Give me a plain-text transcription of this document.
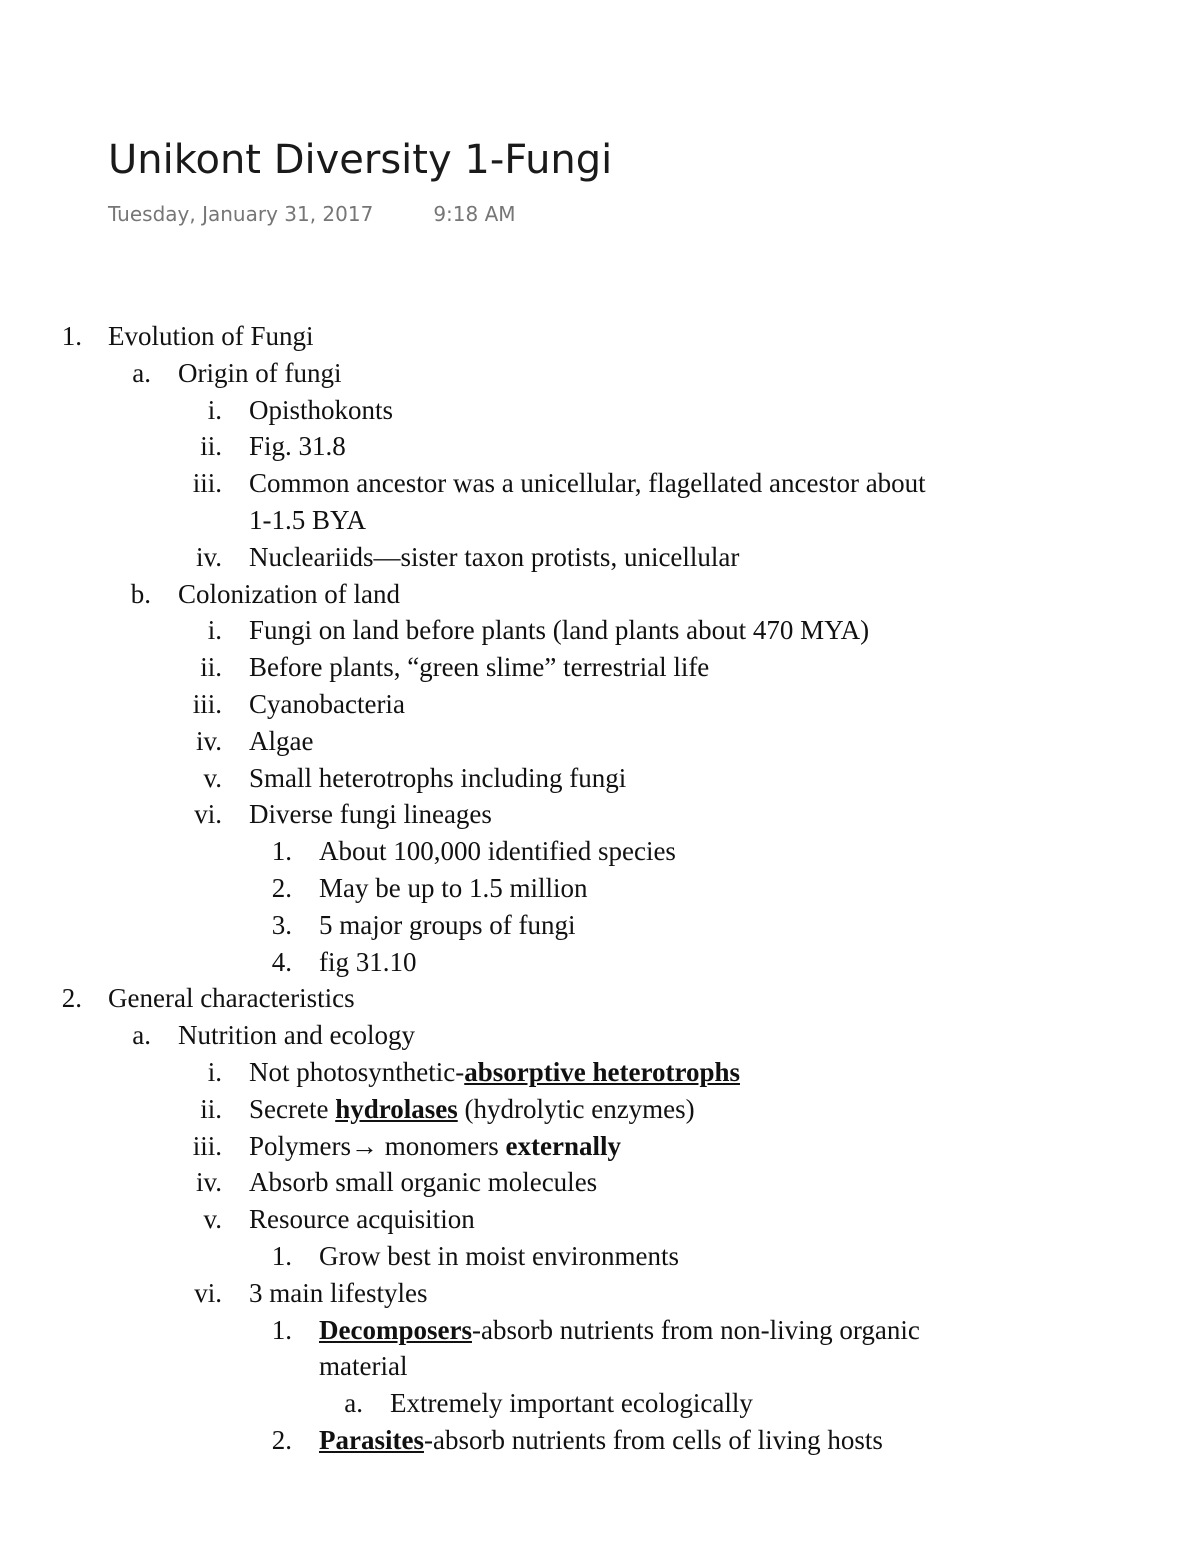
Unikont Diversity 1-Fungi
Tuesday, January 31, 2017	9:18 AM
1. Evolution of Fungi
a. Origin of fungi
i. Opisthokonts
ii. Fig. 31.8
iii. Common ancestor was a unicellular, flagellated ancestor about
1-1.5 BYA
iv. Nucleariids—sister taxon protists, unicellular
b. Colonization of land
i. Fungi on land before plants (land plants about 470 MYA)
ii. Before plants, “green slime” terrestrial life
iii. Cyanobacteria
iv. Algae
v. Small heterotrophs including fungi
vi. Diverse fungi lineages
1. About 100,000 identified species
2. May be up to 1.5 million
3. 5 major groups of fungi
4. fig 31.10
2. General characteristics
a. Nutrition and ecology
i. Not photosynthetic-absorptive heterotrophs
ii. Secrete hydrolases (hydrolytic enzymes)
iii. Polymers→ monomers externally
iv. Absorb small organic molecules
v. Resource acquisition
1. Grow best in moist environments
vi. 3 main lifestyles
1. Decomposers-absorb nutrients from non-living organic
material
a. Extremely important ecologically
2. Parasites-absorb nutrients from cells of living hosts
